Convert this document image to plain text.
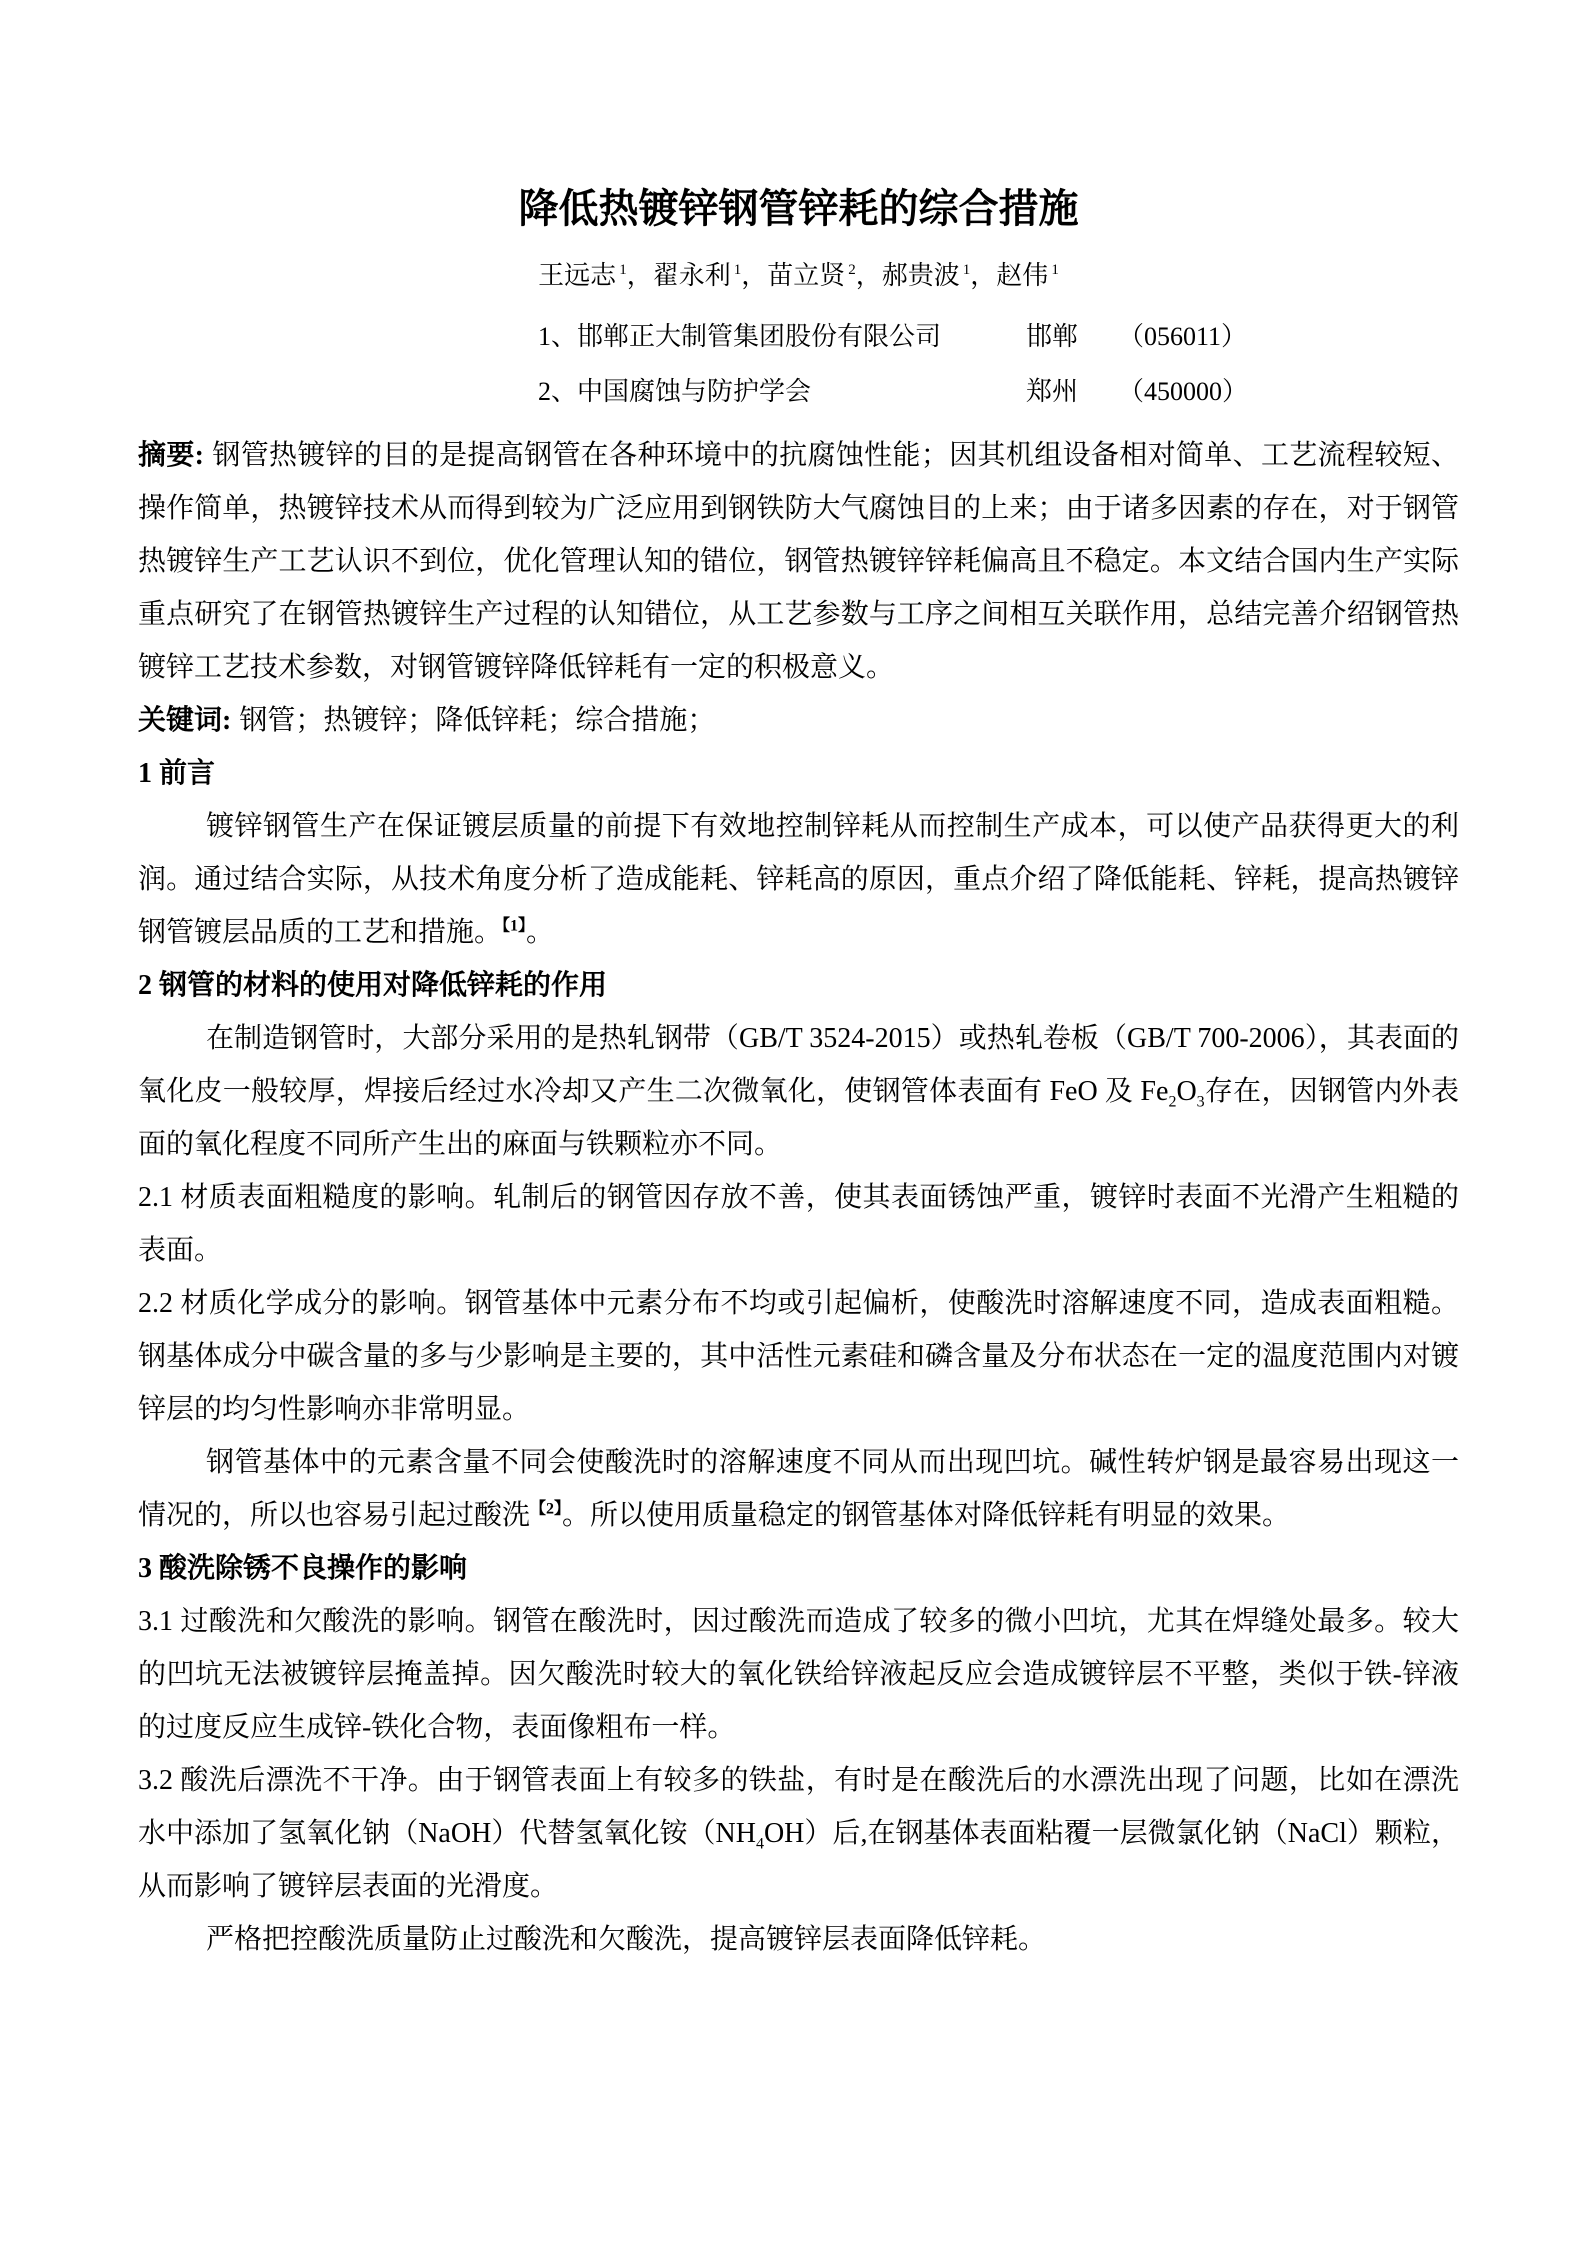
降低热镀锌钢管锌耗的综合措施
王远志 $^1$，翟永利 $^1$，苗立贤 $^2$，郝贵波 $^1$，赵伟 $^1$
1、邯郸正大制管集团股份有限公司	邯郸 （056011）
2、中国腐蚀与防护学会	郑州 （450000）

摘要: 钢管热镀锌的目的是提高钢管在各种环境中的抗腐蚀性能；因其机组设备相对简单、工艺流程较短、操作简单，热镀锌技术从而得到较为广泛应用到钢铁防大气腐蚀目的上来；由于诸多因素的存在，对于钢管热镀锌生产工艺认识不到位，优化管理认知的错位，钢管热镀锌锌耗偏高且不稳定。本文结合国内生产实际重点研究了在钢管热镀锌生产过程的认知错位，从工艺参数与工序之间相互关联作用，总结完善介绍钢管热镀锌工艺技术参数，对钢管镀锌降低锌耗有一定的积极意义。

关键词: 钢管；热镀锌；降低锌耗；综合措施；

1 前言

镀锌钢管生产在保证镀层质量的前提下有效地控制锌耗从而控制生产成本，可以使产品获得更大的利润。通过结合实际，从技术角度分析了造成能耗、锌耗高的原因，重点介绍了降低能耗、锌耗，提高热镀锌钢管镀层品质的工艺和措施。$^{【1】}$。

2 钢管的材料的使用对降低锌耗的作用

在制造钢管时，大部分采用的是热轧钢带（GB/T 3524-2015）或热轧卷板（GB/T 700-2006），其表面的氧化皮一般较厚，焊接后经过水冷却又产生二次微氧化，使钢管体表面有 FeO 及 $Fe_2O_3$存在，因钢管内外表面的氧化程度不同所产生出的麻面与铁颗粒亦不同。

2.1 材质表面粗糙度的影响。轧制后的钢管因存放不善，使其表面锈蚀严重，镀锌时表面不光滑产生粗糙的表面。

2.2 材质化学成分的影响。钢管基体中元素分布不均或引起偏析，使酸洗时溶解速度不同，造成表面粗糙。钢基体成分中碳含量的多与少影响是主要的，其中活性元素硅和磷含量及分布状态在一定的温度范围内对镀锌层的均匀性影响亦非常明显。

钢管基体中的元素含量不同会使酸洗时的溶解速度不同从而出现凹坑。碱性转炉钢是最容易出现这一情况的，所以也容易引起过酸洗$^{【2】}$。所以使用质量稳定的钢管基体对降低锌耗有明显的效果。

3 酸洗除锈不良操作的影响

3.1 过酸洗和欠酸洗的影响。钢管在酸洗时，因过酸洗而造成了较多的微小凹坑，尤其在焊缝处最多。较大的凹坑无法被镀锌层掩盖掉。因欠酸洗时较大的氧化铁给锌液起反应会造成镀锌层不平整，类似于铁-锌液的过度反应生成锌-铁化合物，表面像粗布一样。

3.2 酸洗后漂洗不干净。由于钢管表面上有较多的铁盐，有时是在酸洗后的水漂洗出现了问题，比如在漂洗水中添加了氢氧化钠（NaOH）代替氢氧化铵$(NH_4OH)$后,在钢基体表面粘覆一层微氯化钠（NaCl）颗粒，从而影响了镀锌层表面的光滑度。

严格把控酸洗质量防止过酸洗和欠酸洗，提高镀锌层表面降低锌耗。
